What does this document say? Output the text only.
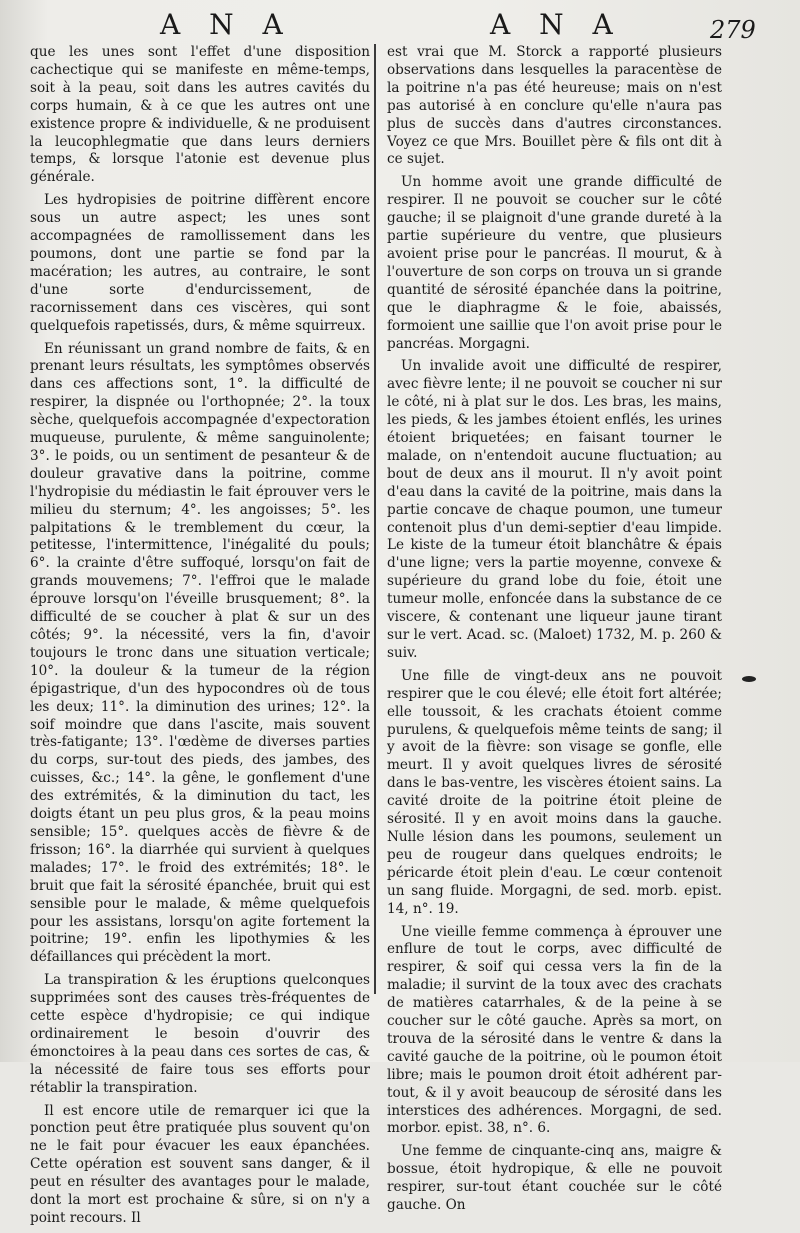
A N A	A N A	279

que les unes sont l'effet d'une disposition cachectique qui se manifeste en même-temps, soit à la peau, soit dans les autres cavités du corps humain, & à ce que les autres ont une existence propre & individuelle, & ne produisent la leucophlegmatie que dans leurs derniers temps, & lorsque l'atonie est devenue plus générale.

Les hydropisies de poitrine diffèrent encore sous un autre aspect; les unes sont accompagnées de ramollissement dans les poumons, dont une partie se fond par la macération; les autres, au contraire, le sont d'une sorte d'endurcissement, de racornissement dans ces viscères, qui sont quelquefois rapetissés, durs, & même squirreux.

En réunissant un grand nombre de faits, & en prenant leurs résultats, les symptômes observés dans ces affections sont, 1°. la difficulté de respirer, la dispnée ou l'orthopnée; 2°. la toux sèche, quelquefois accompagnée d'expectoration muqueuse, purulente, & même sanguinolente; 3°. le poids, ou un sentiment de pesanteur & de douleur gravative dans la poitrine, comme l'hydropisie du médiastin le fait éprouver vers le milieu du sternum; 4°. les angoisses; 5°. les palpitations & le tremblement du cœur, la petitesse, l'intermittence, l'inégalité du pouls; 6°. la crainte d'être suffoqué, lorsqu'on fait de grands mouvemens; 7°. l'effroi que le malade éprouve lorsqu'on l'éveille brusquement; 8°. la difficulté de se coucher à plat & sur un des côtés; 9°. la nécessité, vers la fin, d'avoir toujours le tronc dans une situation verticale; 10°. la douleur & la tumeur de la région épigastrique, d'un des hypocondres où de tous les deux; 11°. la diminution des urines; 12°. la soif moindre que dans l'ascite, mais souvent très-fatigante; 13°. l'œdème de diverses parties du corps, sur-tout des pieds, des jambes, des cuisses, &c.; 14°. la gêne, le gonflement d'une des extrémités, & la diminution du tact, les doigts étant un peu plus gros, & la peau moins sensible; 15°. quelques accès de fièvre & de frisson; 16°. la diarrhée qui survient à quelques malades; 17°. le froid des extrémités; 18°. le bruit que fait la sérosité épanchée, bruit qui est sensible pour le malade, & même quelquefois pour les assistans, lorsqu'on agite fortement la poitrine; 19°. enfin les lipothymies & les défaillances qui précèdent la mort.

La transpiration & les éruptions quelconques supprimées sont des causes très-fréquentes de cette espèce d'hydropisie; ce qui indique ordinairement le besoin d'ouvrir des émonctoires à la peau dans ces sortes de cas, & la nécessité de faire tous ses efforts pour rétablir la transpiration.

Il est encore utile de remarquer ici que la ponction peut être pratiquée plus souvent qu'on ne le fait pour évacuer les eaux épanchées. Cette opération est souvent sans danger, & il peut en résulter des avantages pour le malade, dont la mort est prochaine & sûre, si on n'y a point recours. Il

est vrai que M. Storck a rapporté plusieurs observations dans lesquelles la paracentèse de la poitrine n'a pas été heureuse; mais on n'est pas autorisé à en conclure qu'elle n'aura pas plus de succès dans d'autres circonstances. Voyez ce que Mrs. Bouillet père & fils ont dit à ce sujet.

Un homme avoit une grande difficulté de respirer. Il ne pouvoit se coucher sur le côté gauche; il se plaignoit d'une grande dureté à la partie supérieure du ventre, que plusieurs avoient prise pour le pancréas. Il mourut, & à l'ouverture de son corps on trouva un si grande quantité de sérosité épanchée dans la poitrine, que le diaphragme & le foie, abaissés, formoient une saillie que l'on avoit prise pour le pancréas. Morgagni.

Un invalide avoit une difficulté de respirer, avec fièvre lente; il ne pouvoit se coucher ni sur le côté, ni à plat sur le dos. Les bras, les mains, les pieds, & les jambes étoient enflés, les urines étoient briquetées; en faisant tourner le malade, on n'entendoit aucune fluctuation; au bout de deux ans il mourut. Il n'y avoit point d'eau dans la cavité de la poitrine, mais dans la partie concave de chaque poumon, une tumeur contenoit plus d'un demi-septier d'eau limpide. Le kiste de la tumeur étoit blanchâtre & épais d'une ligne; vers la partie moyenne, convexe & supérieure du grand lobe du foie, étoit une tumeur molle, enfoncée dans la substance de ce viscere, & contenant une liqueur jaune tirant sur le vert. Acad. sc. (Maloet) 1732, M. p. 260 & suiv.

Une fille de vingt-deux ans ne pouvoit respirer que le cou élevé; elle étoit fort altérée; elle toussoit, & les crachats étoient comme purulens, & quelquefois même teints de sang; il y avoit de la fièvre: son visage se gonfle, elle meurt. Il y avoit quelques livres de sérosité dans le bas-ventre, les viscères étoient sains. La cavité droite de la poitrine étoit pleine de sérosité. Il y en avoit moins dans la gauche. Nulle lésion dans les poumons, seulement un peu de rougeur dans quelques endroits; le péricarde étoit plein d'eau. Le cœur contenoit un sang fluide. Morgagni, de sed. morb. epist. 14, n°. 19.

Une vieille femme commença à éprouver une enflure de tout le corps, avec difficulté de respirer, & soif qui cessa vers la fin de la maladie; il survint de la toux avec des crachats de matières catarrhales, & de la peine à se coucher sur le côté gauche. Après sa mort, on trouva de la sérosité dans le ventre & dans la cavité gauche de la poitrine, où le poumon étoit libre; mais le poumon droit étoit adhérent par-tout, & il y avoit beaucoup de sérosité dans les interstices des adhérences. Morgagni, de sed. morbor. epist. 38, n°. 6.

Une femme de cinquante-cinq ans, maigre & bossue, étoit hydropique, & elle ne pouvoit respirer, sur-tout étant couchée sur le côté gauche. On
